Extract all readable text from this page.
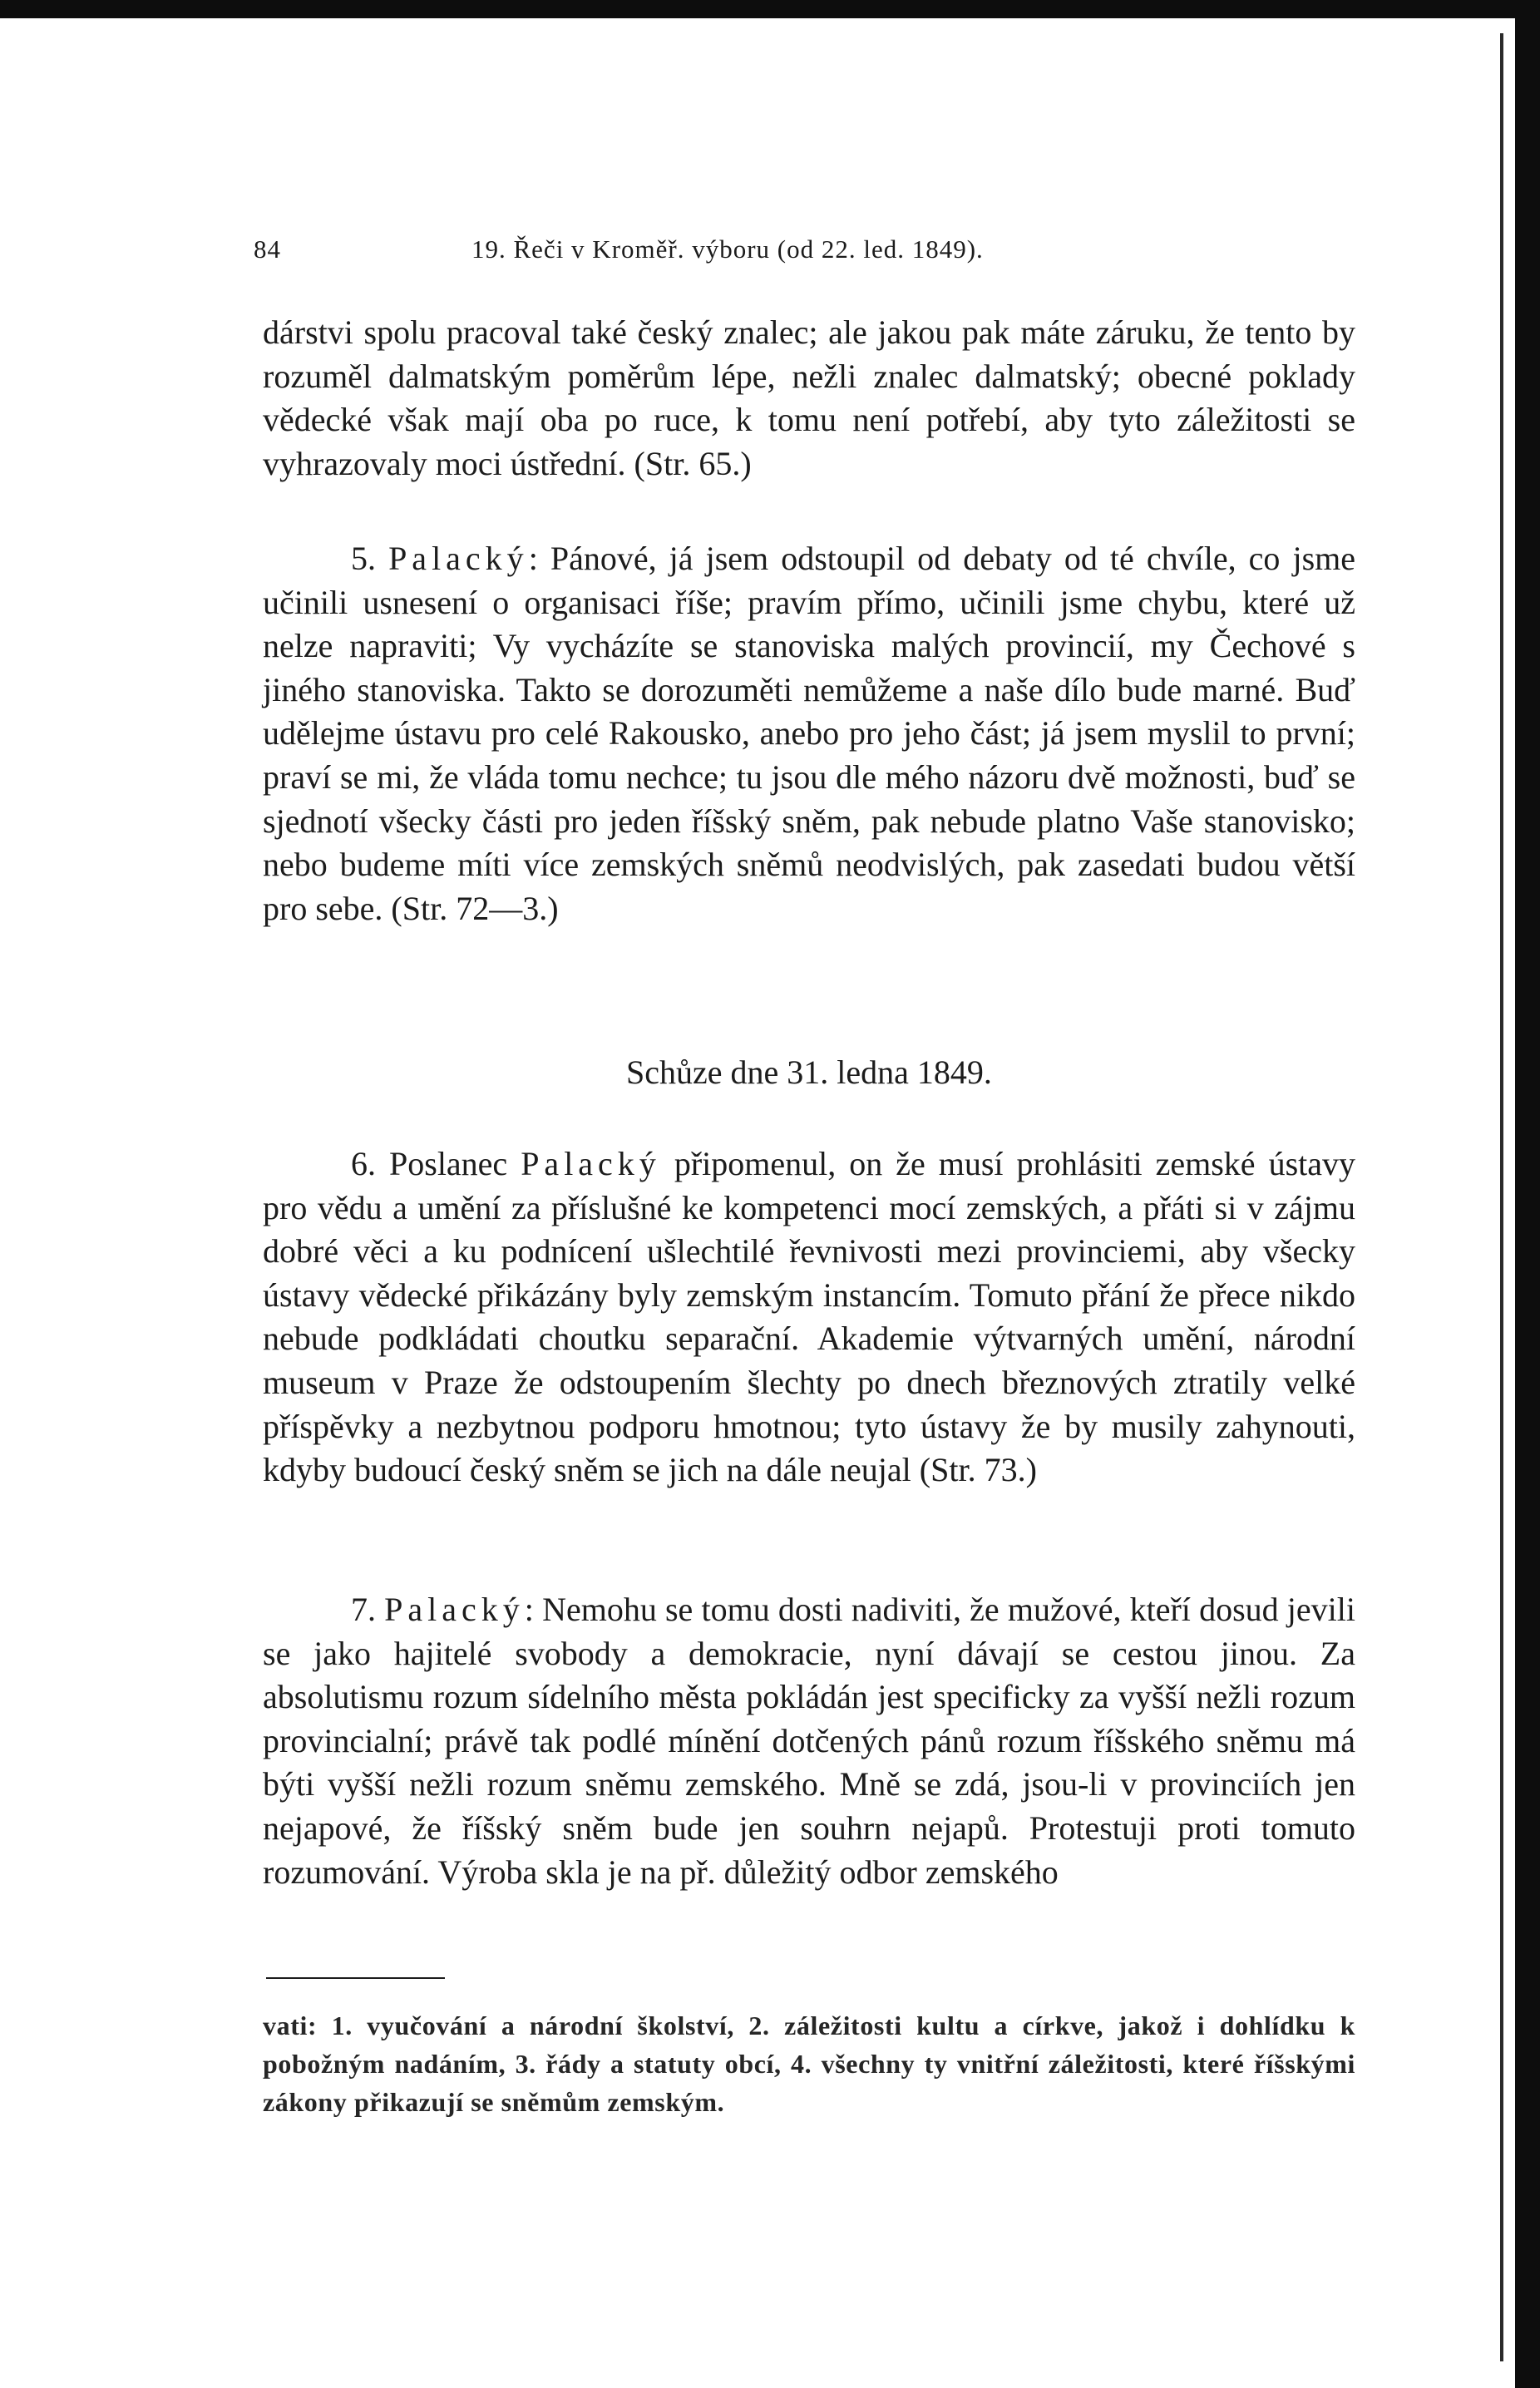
84	19. Řeči v Kroměř. výboru (od 22. led. 1849).

dárstvi spolu pracoval také český znalec; ale jakou pak máte záruku, že tento by rozuměl dalmatským poměrům lépe, nežli znalec dalmatský; obecné poklady vědecké však mají oba po ruce, k tomu není potřebí, aby tyto záležitosti se vyhrazovaly moci ústřední. (Str. 65.)

5. Palacký: Pánové, já jsem odstoupil od debaty od té chvíle, co jsme učinili usnesení o organisaci říše; pravím přímo, učinili jsme chybu, které už nelze napraviti; Vy vycházíte se stanoviska malých provincií, my Čechové s jiného stanoviska. Takto se dorozuměti nemůžeme a naše dílo bude marné. Buď udělejme ústavu pro celé Rakousko, anebo pro jeho část; já jsem myslil to první; praví se mi, že vláda tomu nechce; tu jsou dle mého názoru dvě možnosti, buď se sjednotí všecky části pro jeden říšský sněm, pak nebude platno Vaše stanovisko; nebo budeme míti více zemských sněmů neodvislých, pak zasedati budou větší pro sebe. (Str. 72—3.)

Schůze dne 31. ledna 1849.

6. Poslanec Palacký připomenul, on že musí prohlásiti zemské ústavy pro vědu a umění za příslušné ke kompetenci mocí zemských, a přáti si v zájmu dobré věci a ku podnícení ušlechtilé řevnivosti mezi provinciemi, aby všecky ústavy vědecké přikázány byly zemským instancím. Tomuto přání že přece nikdo nebude podkládati choutku separační. Akademie výtvarných umění, národní museum v Praze že odstoupením šlechty po dnech březnových ztratily velké příspěvky a nezbytnou podporu hmotnou; tyto ústavy že by musily zahynouti, kdyby budoucí český sněm se jich na dále neujal (Str. 73.)

7. Palacký: Nemohu se tomu dosti nadiviti, že mužové, kteří dosud jevili se jako hajitelé svobody a demokracie, nyní dávají se cestou jinou. Za absolutismu rozum sídelního města pokládán jest specificky za vyšší nežli rozum provincialní; právě tak podlé mínění dotčených pánů rozum říšského sněmu má býti vyšší nežli rozum sněmu zemského. Mně se zdá, jsou-li v provinciích jen nejapové, že říšský sněm bude jen souhrn nejapů. Protestuji proti tomuto rozumování. Výroba skla je na př. důležitý odbor zemského

vati: 1. vyučování a národní školství, 2. záležitosti kultu a církve, jakož i dohlídku k pobožným nadáním, 3. řády a statuty obcí, 4. všechny ty vnitřní záležitosti, které říšskými zákony přikazují se sněmům zemským.
